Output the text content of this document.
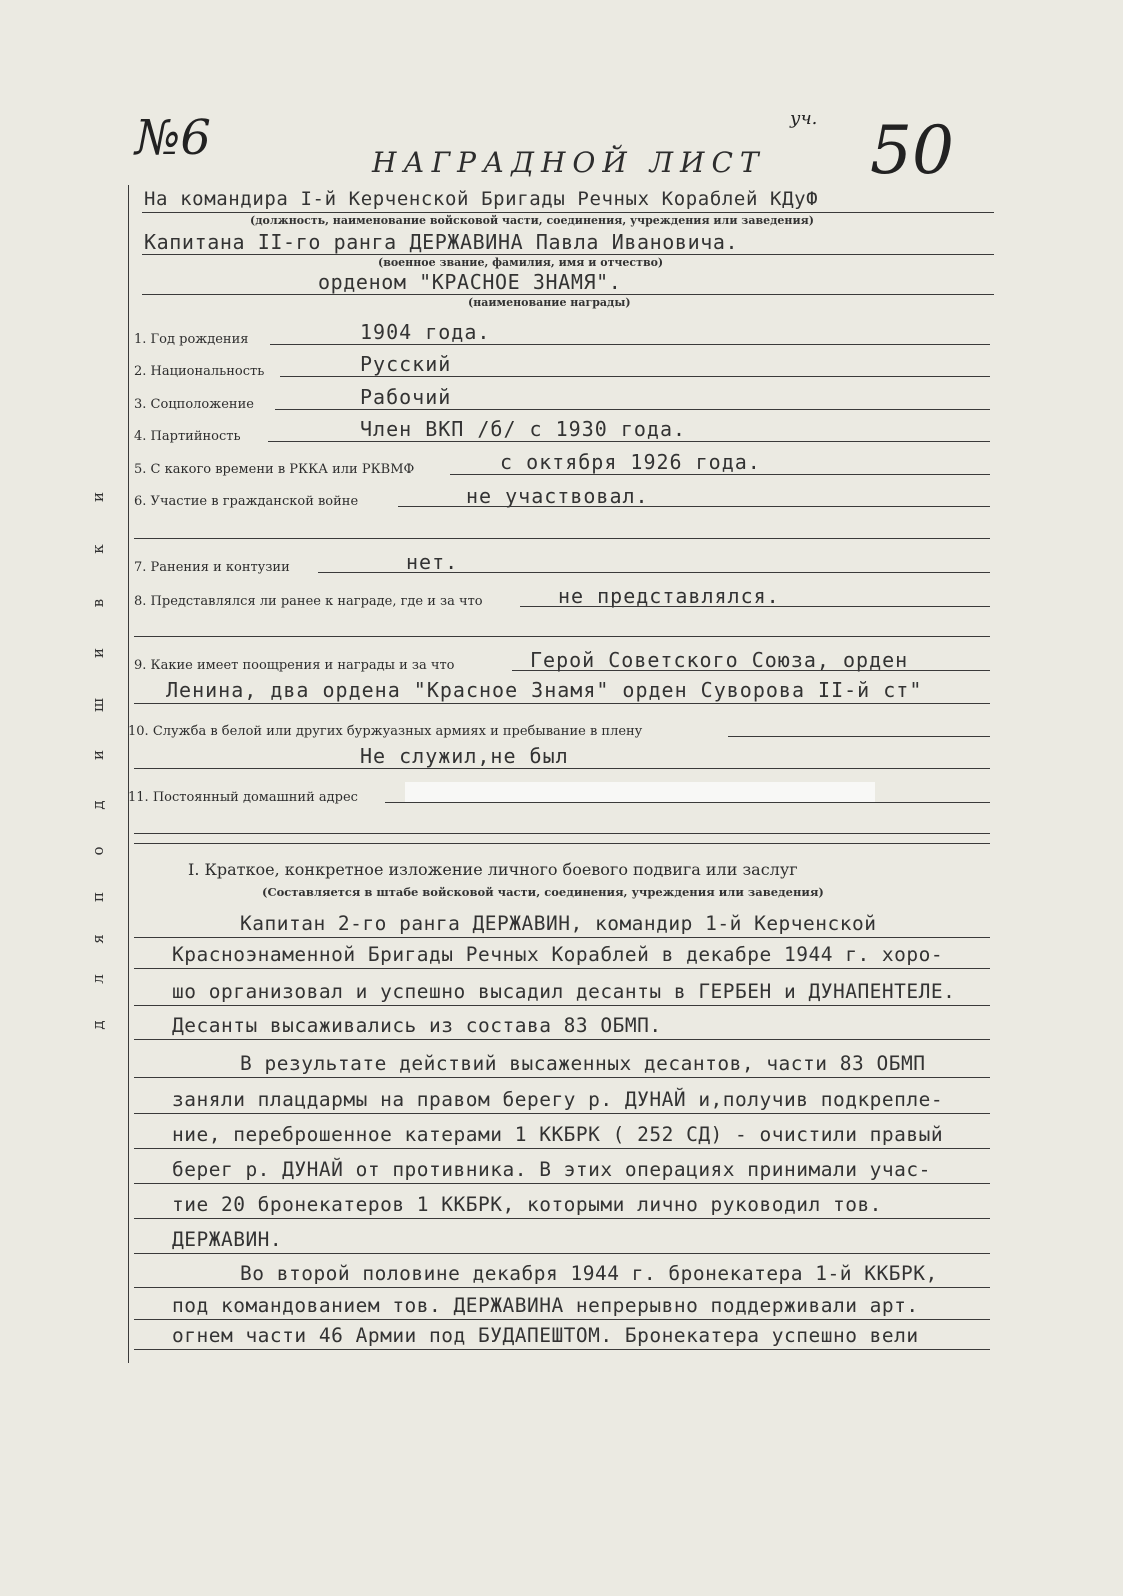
№6	уч. 50
НАГРАДНОЙ ЛИСТ
На командира I-й Керченской Бригады Речных Кораблей КДуФ
(должность, наименование войсковой части, соединения, учреждения или заведения)
Капитана II-го ранга ДЕРЖАВИНА Павла Ивановича.
(военное звание, фамилия, имя и отчество)
орденом "КРАСНОЕ ЗНАМЯ".
(наименование награды)
1. Год рождения	1904 года.
2. Национальность	Русский
3. Соцположение	Рабочий
4. Партийность	Член ВКП /б/ с 1930 года.
5. С какого времени в РККА или РКВМФ	с октября 1926 года.
6. Участие в гражданской войне	не участвовал.
7. Ранения и контузии	нет.
8. Представлялся ли ранее к награде, где и за что	не представлялся.
9. Какие имеет поощрения и награды и за что	Герой Советского Союза, орден
Ленина, два ордена "Красное Знамя" орден Суворова II-й ст"
10. Служба в белой или других буржуазных армиях и пребывание в плену
Не служил,не был
11. Постоянный домашний адрес
и
к
в
и
ш
и
д
о
п
я
л
д
I. Краткое, конкретное изложение личного боевого подвига или заслуг
(Составляется в штабе войсковой части, соединения, учреждения или заведения)
Капитан 2-го ранга ДЕРЖАВИН, командир 1-й Керченской
Красноэнаменной Бригады Речных Кораблей в декабре 1944 г. хоро-
шо организовал и успешно высадил десанты в ГЕРБЕН и ДУНАПЕНТЕЛЕ.
Десанты высаживались из состава 83 ОБМП.
В результате действий высаженных десантов, части 83 ОБМП
заняли плацдармы на правом берегу р. ДУНАЙ и,получив подкрепле-
ние, переброшенное катерами 1 ККБРК ( 252 СД) - очистили правый
берег р. ДУНАЙ от противника. В этих операциях принимали учас-
тие 20 бронекатеров 1 ККБРК, которыми лично руководил тов.
ДЕРЖАВИН.
Во второй половине декабря 1944 г. бронекатера 1-й ККБРК,
под командованием тов. ДЕРЖАВИНА непрерывно поддерживали арт.
огнем части 46 Армии под БУДАПЕШТОМ. Бронекатера успешно вели
